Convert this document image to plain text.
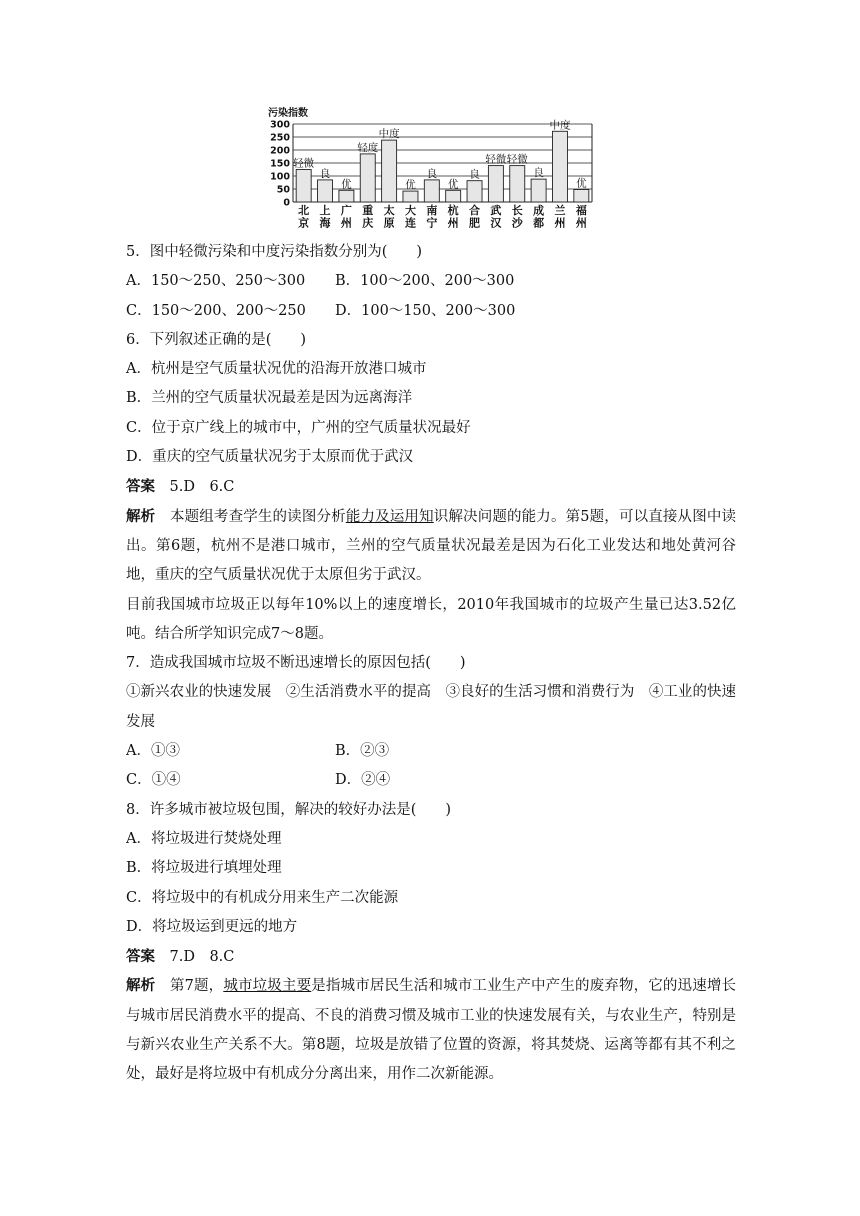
污染指数
300
250
200
150
100
50
0
轻微
良
优
轻度
中度
优
良
优
良
轻微 轻微
良
中度
优
北
京
上
海
广
州
重
庆
太
原
大
连
南
宁
杭
州
合
肥
武
汉
长
沙
成
都
兰
州
福
州
5．图中轻微污染和中度污染指数分别为(　　)
A．150～250、250～300	B．100～200、200～300
C．150～200、200～250	D．100～150、200～300
6．下列叙述正确的是(　　)
A．杭州是空气质量状况优的沿海开放港口城市
B．兰州的空气质量状况最差是因为远离海洋
C．位于京广线上的城市中，广州的空气质量状况最好
D．重庆的空气质量状况劣于太原而优于武汉
答案　5.D　6.C
解析　本题组考查学生的读图分析能力及运用知识解决问题的能力。第5题，可以直接从图中读出。第6题，杭州不是港口城市，兰州的空气质量状况最差是因为石化工业发达和地处黄河谷地，重庆的空气质量状况优于太原但劣于武汉。
目前我国城市垃圾正以每年10%以上的速度增长，2010年我国城市的垃圾产生量已达3.52亿吨。结合所学知识完成7～8题。
7．造成我国城市垃圾不断迅速增长的原因包括(　　)
①新兴农业的快速发展　②生活消费水平的提高　③良好的生活习惯和消费行为　④工业的快速发展
A．①③	B．②③
C．①④	D．②④
8．许多城市被垃圾包围，解决的较好办法是(　　)
A．将垃圾进行焚烧处理
B．将垃圾进行填埋处理
C．将垃圾中的有机成分用来生产二次能源
D．将垃圾运到更远的地方
答案　7.D　8.C
解析　第7题，城市垃圾主要是指城市居民生活和城市工业生产中产生的废弃物，它的迅速增长与城市居民消费水平的提高、不良的消费习惯及城市工业的快速发展有关，与农业生产，特别是与新兴农业生产关系不大。第8题，垃圾是放错了位置的资源，将其焚烧、运离等都有其不利之处，最好是将垃圾中有机成分分离出来，用作二次新能源。
